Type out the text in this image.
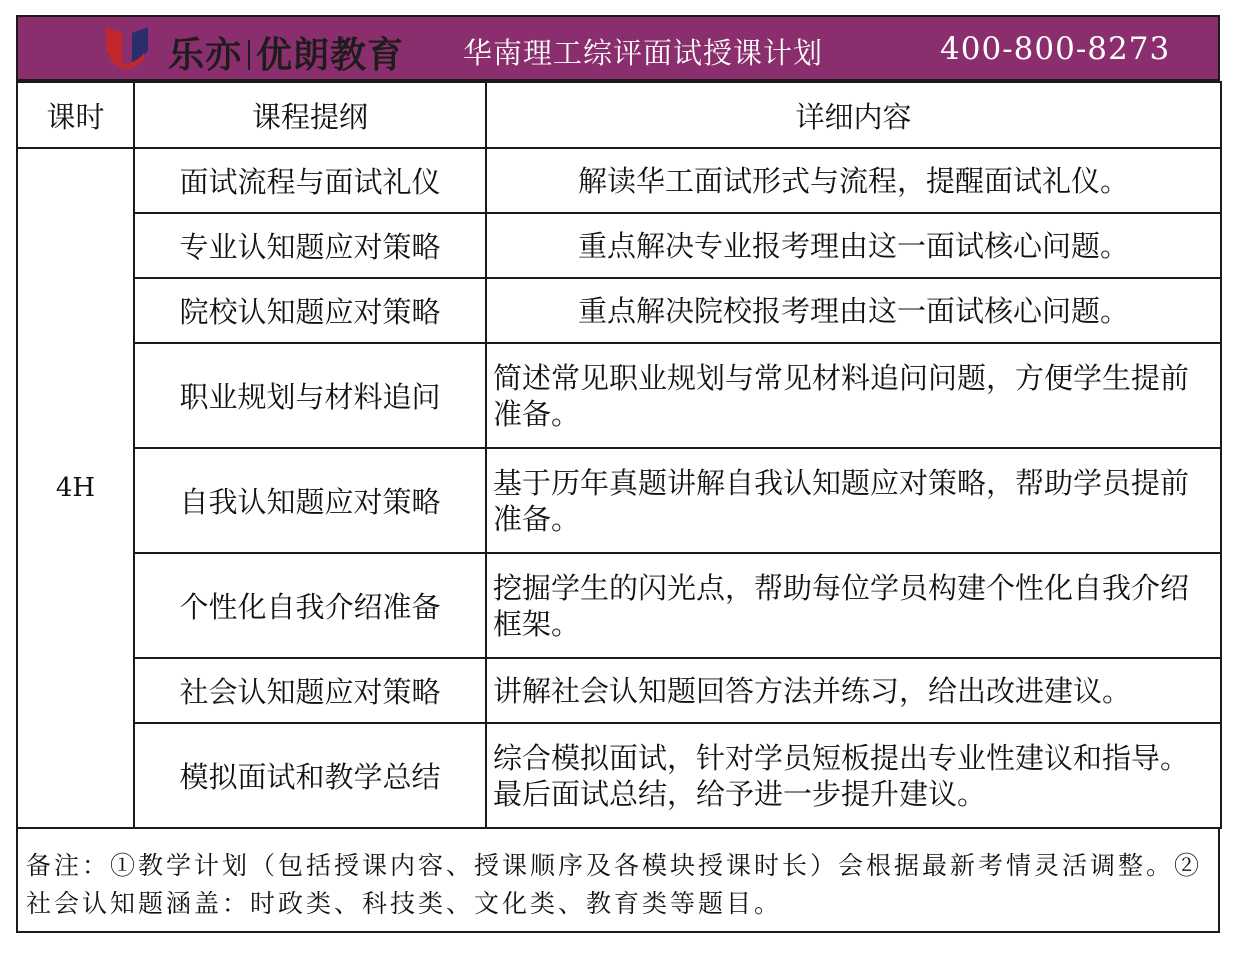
乐亦 优朗教育 华南理工综评面试授课计划	400-800-8273
课时	课程提纲	详细内容
4H	面试流程与面试礼仪	解读华工面试形式与流程，提醒面试礼仪。
	专业认知题应对策略	重点解决专业报考理由这一面试核心问题。
	院校认知题应对策略	重点解决院校报考理由这一面试核心问题。
	职业规划与材料追问	简述常见职业规划与常见材料追问问题，方便学生提前准备。
	自我认知题应对策略	基于历年真题讲解自我认知题应对策略，帮助学员提前准备。
	个性化自我介绍准备	挖掘学生的闪光点，帮助每位学员构建个性化自我介绍框架。
	社会认知题应对策略	讲解社会认知题回答方法并练习，给出改进建议。
	模拟面试和教学总结	综合模拟面试，针对学员短板提出专业性建议和指导。最后面试总结，给予进一步提升建议。
备注：①教学计划（包括授课内容、授课顺序及各模块授课时长）会根据最新考情灵活调整。②社会认知题涵盖：时政类、科技类、文化类、教育类等题目。
